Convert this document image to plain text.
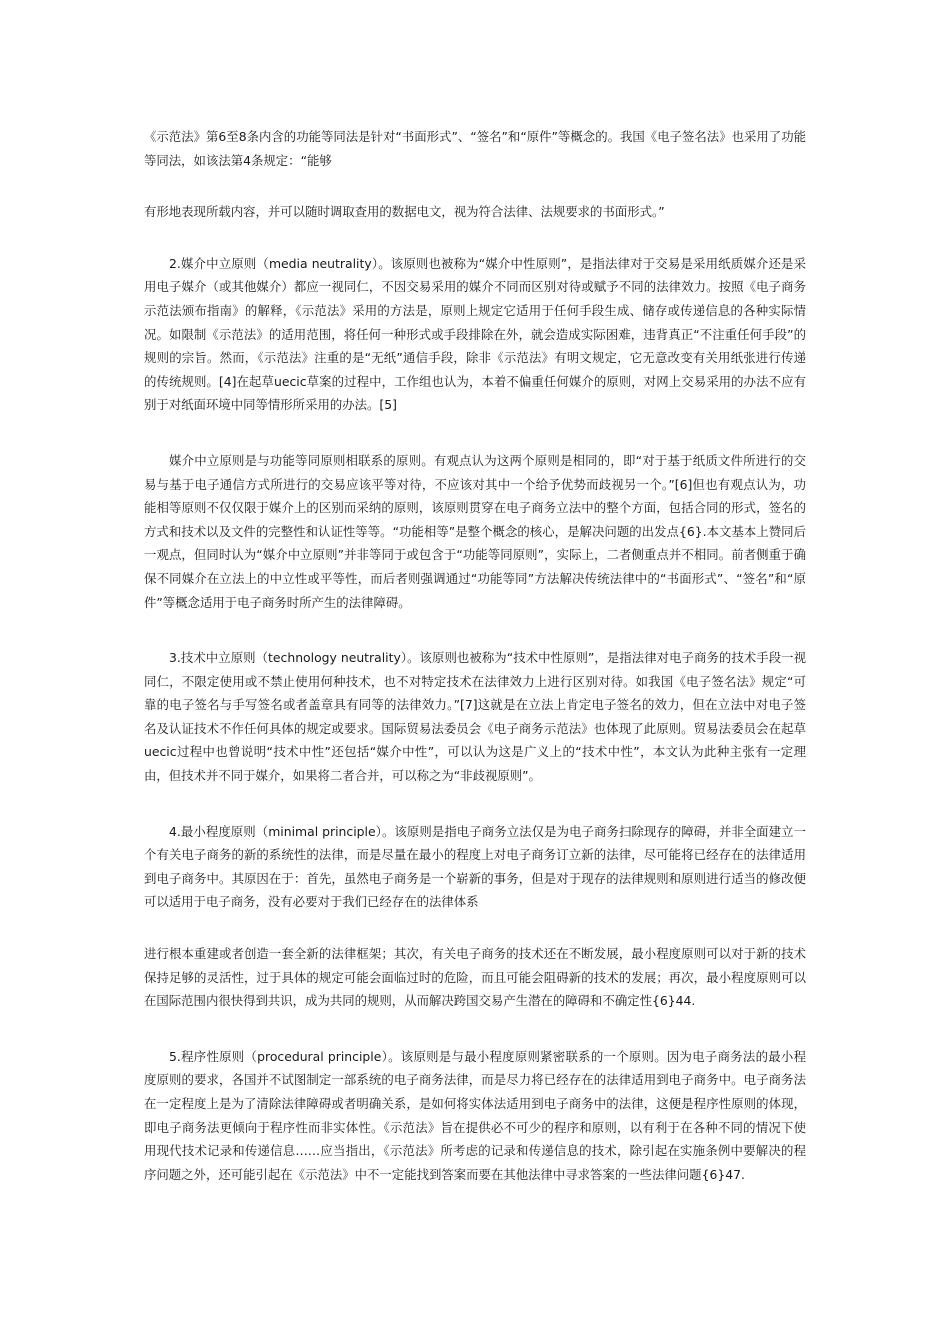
《示范法》第6至8条内含的功能等同法是针对“书面形式”、“签名”和“原件”等概念的。我国《电子签名法》也采用了功能等同法，如该法第4条规定：“能够

有形地表现所载内容，并可以随时调取查用的数据电文，视为符合法律、法规要求的书面形式。”

2.媒介中立原则（media neutrality）。该原则也被称为“媒介中性原则”，是指法律对于交易是采用纸质媒介还是采用电子媒介（或其他媒介）都应一视同仁，不因交易采用的媒介不同而区别对待或赋予不同的法律效力。按照《电子商务示范法颁布指南》的解释，《示范法》采用的方法是，原则上规定它适用于任何手段生成、储存或传递信息的各种实际情况。如限制《示范法》的适用范围，将任何一种形式或手段排除在外，就会造成实际困难，违背真正“不注重任何手段”的规则的宗旨。然而，《示范法》注重的是“无纸”通信手段，除非《示范法》有明文规定，它无意改变有关用纸张进行传递的传统规则。[4]在起草uecic草案的过程中，工作组也认为，本着不偏重任何媒介的原则，对网上交易采用的办法不应有别于对纸面环境中同等情形所采用的办法。[5]

媒介中立原则是与功能等同原则相联系的原则。有观点认为这两个原则是相同的，即“对于基于纸质文件所进行的交易与基于电子通信方式所进行的交易应该平等对待，不应该对其中一个给予优势而歧视另一个。”[6]但也有观点认为，功能相等原则不仅仅限于媒介上的区别而采纳的原则，该原则贯穿在电子商务立法中的整个方面，包括合同的形式，签名的方式和技术以及文件的完整性和认证性等等。“功能相等”是整个概念的核心，是解决问题的出发点{6}.本文基本上赞同后一观点，但同时认为“媒介中立原则”并非等同于或包含于“功能等同原则”，实际上，二者侧重点并不相同。前者侧重于确保不同媒介在立法上的中立性或平等性，而后者则强调通过“功能等同”方法解决传统法律中的“书面形式”、“签名”和“原件”等概念适用于电子商务时所产生的法律障碍。

3.技术中立原则（technology neutrality）。该原则也被称为“技术中性原则”，是指法律对电子商务的技术手段一视同仁，不限定使用或不禁止使用何种技术，也不对特定技术在法律效力上进行区别对待。如我国《电子签名法》规定“可靠的电子签名与手写签名或者盖章具有同等的法律效力。”[7]这就是在立法上肯定电子签名的效力，但在立法中对电子签名及认证技术不作任何具体的规定或要求。国际贸易法委员会《电子商务示范法》也体现了此原则。贸易法委员会在起草uecic过程中也曾说明“技术中性”还包括“媒介中性”，可以认为这是广义上的“技术中性”，本文认为此种主张有一定理由，但技术并不同于媒介，如果将二者合并，可以称之为“非歧视原则”。

4.最小程度原则（minimal principle）。该原则是指电子商务立法仅是为电子商务扫除现存的障碍，并非全面建立一个有关电子商务的新的系统性的法律，而是尽量在最小的程度上对电子商务订立新的法律，尽可能将已经存在的法律适用到电子商务中。其原因在于：首先，虽然电子商务是一个崭新的事务，但是对于现存的法律规则和原则进行适当的修改便可以适用于电子商务，没有必要对于我们已经存在的法律体系

进行根本重建或者创造一套全新的法律框架；其次，有关电子商务的技术还在不断发展，最小程度原则可以对于新的技术保持足够的灵活性，过于具体的规定可能会面临过时的危险，而且可能会阻碍新的技术的发展；再次，最小程度原则可以在国际范围内很快得到共识，成为共同的规则，从而解决跨国交易产生潜在的障碍和不确定性{6}44.

5.程序性原则（procedural principle）。该原则是与最小程度原则紧密联系的一个原则。因为电子商务法的最小程度原则的要求，各国并不试图制定一部系统的电子商务法律，而是尽力将已经存在的法律适用到电子商务中。电子商务法在一定程度上是为了清除法律障碍或者明确关系，是如何将实体法适用到电子商务中的法律，这便是程序性原则的体现，即电子商务法更倾向于程序性而非实体性。《示范法》旨在提供必不可少的程序和原则，以有利于在各种不同的情况下使用现代技术记录和传递信息……应当指出，《示范法》所考虑的记录和传递信息的技术，除引起在实施条例中要解决的程序问题之外，还可能引起在《示范法》中不一定能找到答案而要在其他法律中寻求答案的一些法律问题{6}47.
